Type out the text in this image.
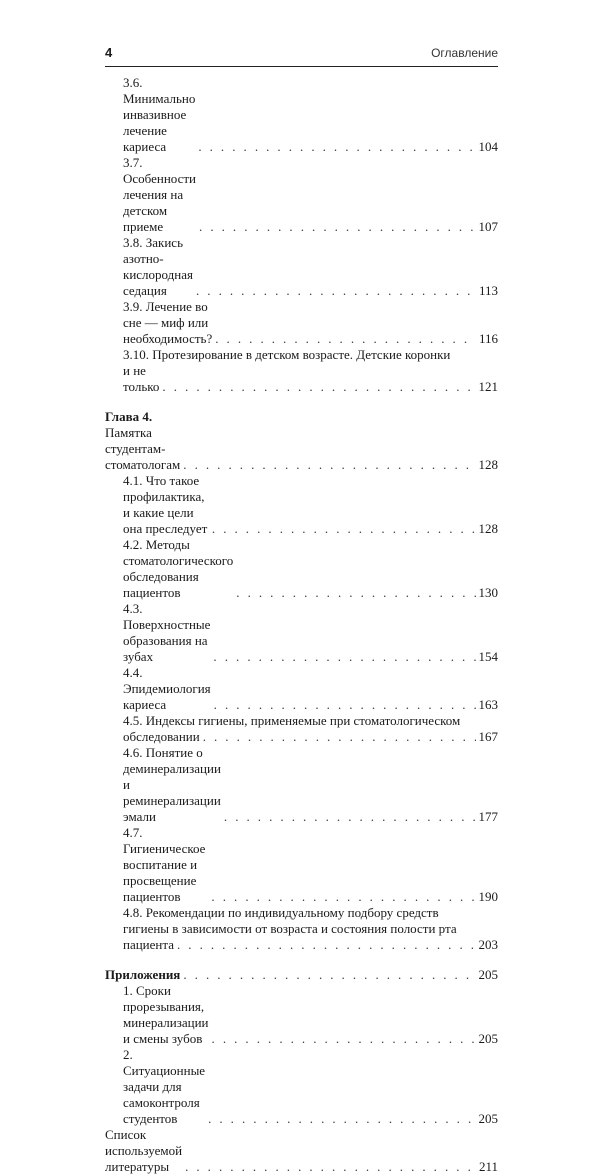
4	Оглавление
3.6. Минимально инвазивное лечение кариеса . . .	104
3.7. Особенности лечения на детском приеме . . .	107
3.8. Закись азотно-кислородная седация . . .	113
3.9. Лечение во сне — миф или необходимость? . . .	116
3.10. Протезирование в детском возрасте. Детские коронки
и не только . . .	121
Глава 4. Памятка студентам-стоматологам . . .	128
4.1. Что такое профилактика, и какие цели она преследует . . .	128
4.2. Методы стоматологического обследования пациентов . . .	130
4.3. Поверхностные образования на зубах . . .	154
4.4. Эпидемиология кариеса . . .	163
4.5. Индексы гигиены, применяемые при стоматологическом
обследовании . . .	167
4.6. Понятие о деминерализации и реминерализации эмали . . .	177
4.7. Гигиеническое воспитание и просвещение пациентов . . .	190
4.8. Рекомендации по индивидуальному подбору средств
гигиены в зависимости от возраста и состояния полости рта
пациента . . .	203
Приложения . . .	205
1. Сроки прорезывания, минерализации и смены зубов . . .	205
2. Ситуационные задачи для самоконтроля студентов . . .	205
Список используемой литературы . . .	211
